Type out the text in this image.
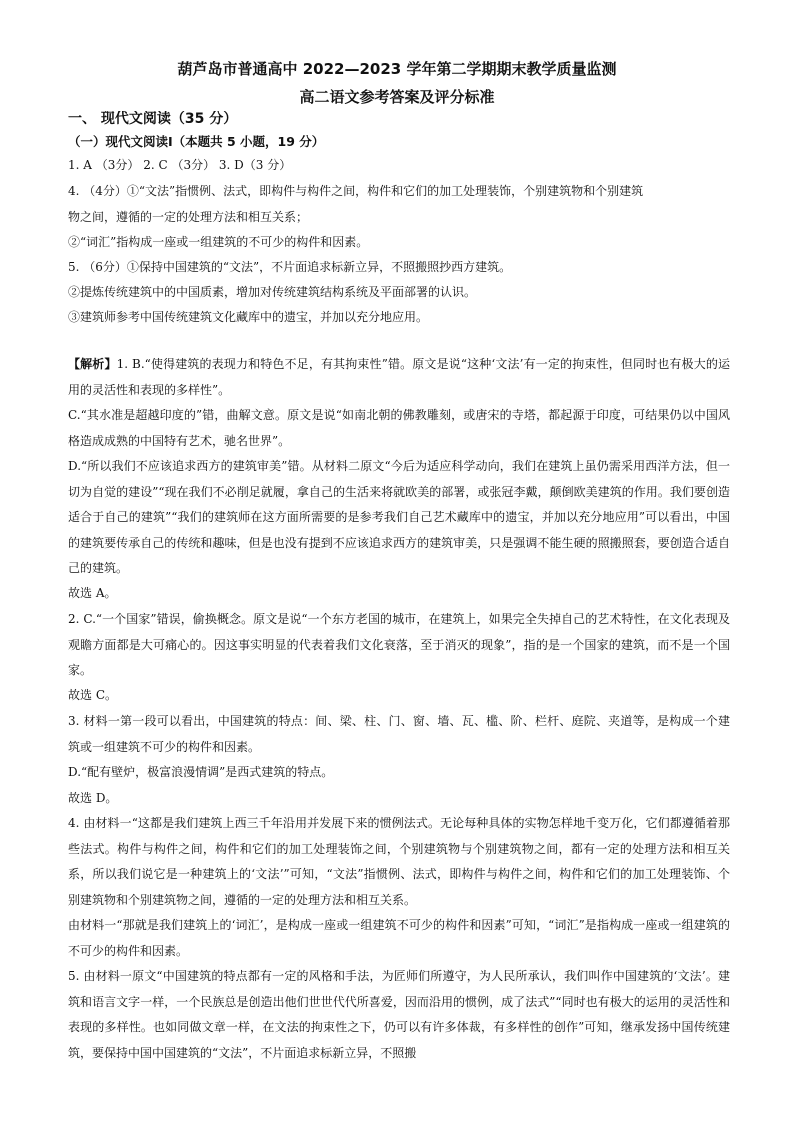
葫芦岛市普通高中 2022—2023 学年第二学期期末教学质量监测
高二语文参考答案及评分标准
一、 现代文阅读（35 分）
（一）现代文阅读Ⅰ（本题共 5 小题，19 分）
1. A （3分） 2. C （3分） 3. D（3 分）
4. （4分）①“文法”指惯例、法式，即构件与构件之间，构件和它们的加工处理装饰，个别建筑物和个别建筑
物之间，遵循的一定的处理方法和相互关系；
②“词汇”指构成一座或一组建筑的不可少的构件和因素。
5. （6分）①保持中国建筑的“文法”，不片面追求标新立异，不照搬照抄西方建筑。
②提炼传统建筑中的中国质素，增加对传统建筑结构系统及平面部署的认识。
③建筑师参考中国传统建筑文化藏库中的遗宝，并加以充分地应用。
【解析】1. B.“使得建筑的表现力和特色不足，有其拘束性”错。原文是说“这种‘文法’有一定的拘束性，但同时也有极大的运用的灵活性和表现的多样性”。
C.“其水准是超越印度的”错，曲解文意。原文是说“如南北朝的佛教雕刻，或唐宋的寺塔，都起源于印度，可结果仍以中国风格造成成熟的中国特有艺术，驰名世界”。
D.“所以我们不应该追求西方的建筑审美”错。从材料二原文“今后为适应科学动向，我们在建筑上虽仍需采用西洋方法，但一切为自觉的建设”“现在我们不必削足就履，拿自己的生活来将就欧美的部署，或张冠李戴，颠倒欧美建筑的作用。我们要创造适合于自己的建筑”“我们的建筑师在这方面所需要的是参考我们自己艺术藏库中的遗宝，并加以充分地应用”可以看出，中国的建筑要传承自己的传统和趣味，但是也没有提到不应该追求西方的建筑审美，只是强调不能生硬的照搬照套，要创造合适自己的建筑。
故选 A。
2. C.“一个国家”错误，偷换概念。原文是说“一个东方老国的城市，在建筑上，如果完全失掉自己的艺术特性，在文化表现及观瞻方面都是大可痛心的。因这事实明显的代表着我们文化衰落，至于消灭的现象”，指的是一个国家的建筑，而不是一个国家。
故选 C。
3. 材料一第一段可以看出，中国建筑的特点：间、梁、柱、门、窗、墙、瓦、槛、阶、栏杆、庭院、夹道等，是构成一个建筑或一组建筑不可少的构件和因素。
D.“配有壁炉，极富浪漫情调”是西式建筑的特点。
故选 D。
4. 由材料一“这都是我们建筑上西三千年沿用并发展下来的惯例法式。无论每种具体的实物怎样地千变万化，它们都遵循着那些法式。构件与构件之间，构件和它们的加工处理装饰之间，个别建筑物与个别建筑物之间，都有一定的处理方法和相互关系，所以我们说它是一种建筑上的‘文法’”可知，“文法”指惯例、法式，即构件与构件之间，构件和它们的加工处理装饰、个别建筑物和个别建筑物之间，遵循的一定的处理方法和相互关系。
由材料一“那就是我们建筑上的‘词汇’，是构成一座或一组建筑不可少的构件和因素”可知，“词汇”是指构成一座或一组建筑的不可少的构件和因素。
5. 由材料一原文“中国建筑的特点都有一定的风格和手法，为匠师们所遵守，为人民所承认，我们叫作中国建筑的‘文法’。建筑和语言文字一样，一个民族总是创造出他们世世代代所喜爱，因而沿用的惯例，成了法式”“同时也有极大的运用的灵活性和表现的多样性。也如同做文章一样，在文法的拘束性之下，仍可以有许多体裁，有多样性的创作”可知，继承发扬中国传统建筑，要保持中国中国建筑的“文法”，不片面追求标新立异，不照搬
